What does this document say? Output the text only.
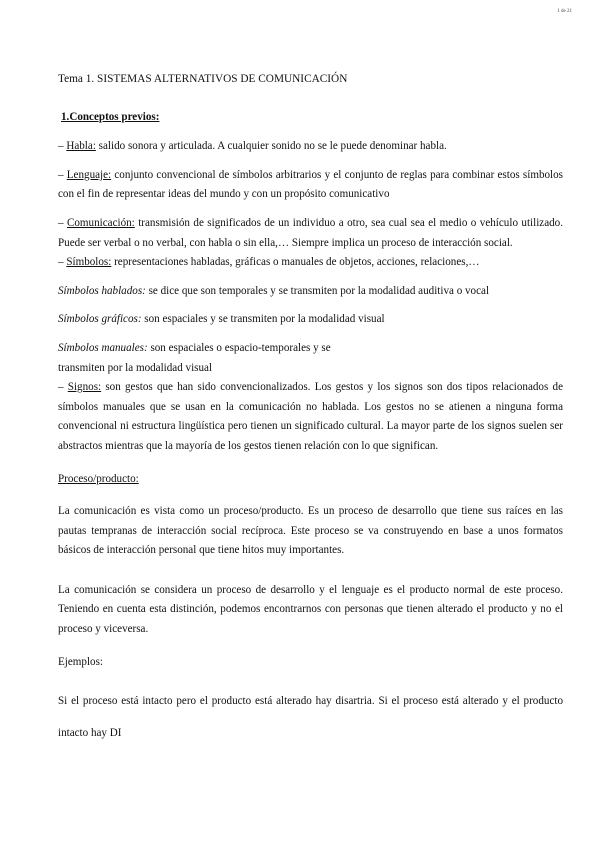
1 de 21

Tema 1. SISTEMAS ALTERNATIVOS DE COMUNICACIÓN

1.Conceptos previos:

– Habla: salido sonora y articulada. A cualquier sonido no se le puede denominar habla.

– Lenguaje: conjunto convencional de símbolos arbitrarios y el conjunto de reglas para combinar estos símbolos con el fin de representar ideas del mundo y con un propósito comunicativo

– Comunicación: transmisión de significados de un individuo a otro, sea cual sea el medio o vehículo utilizado. Puede ser verbal o no verbal, con habla o sin ella,… Siempre implica un proceso de interacción social.

– Símbolos: representaciones habladas, gráficas o manuales de objetos, acciones, relaciones,…

Símbolos hablados: se dice que son temporales y se transmiten por la modalidad auditiva o vocal

Símbolos gráficos: son espaciales y se transmiten por la modalidad visual

Símbolos manuales: son espaciales o espacio-temporales y se

transmiten por la modalidad visual

– Signos: son gestos que han sido convencionalizados. Los gestos y los signos son dos tipos relacionados de símbolos manuales que se usan en la comunicación no hablada. Los gestos no se atienen a ninguna forma convencional ni estructura lingüística pero tienen un significado cultural. La mayor parte de los signos suelen ser abstractos mientras que la mayoría de los gestos tienen relación con lo que significan.

Proceso/producto:

La comunicación es vista como un proceso/producto. Es un proceso de desarrollo que tiene sus raíces en las pautas tempranas de interacción social recíproca. Este proceso se va construyendo en base a unos formatos básicos de interacción personal que tiene hitos muy importantes.

La comunicación se considera un proceso de desarrollo y el lenguaje es el producto normal de este proceso. Teniendo en cuenta esta distinción, podemos encontrarnos con personas que tienen alterado el producto y no el proceso y viceversa.

Ejemplos:

Si el proceso está intacto pero el producto está alterado hay disartria. Si el proceso está alterado y el producto intacto hay DI
